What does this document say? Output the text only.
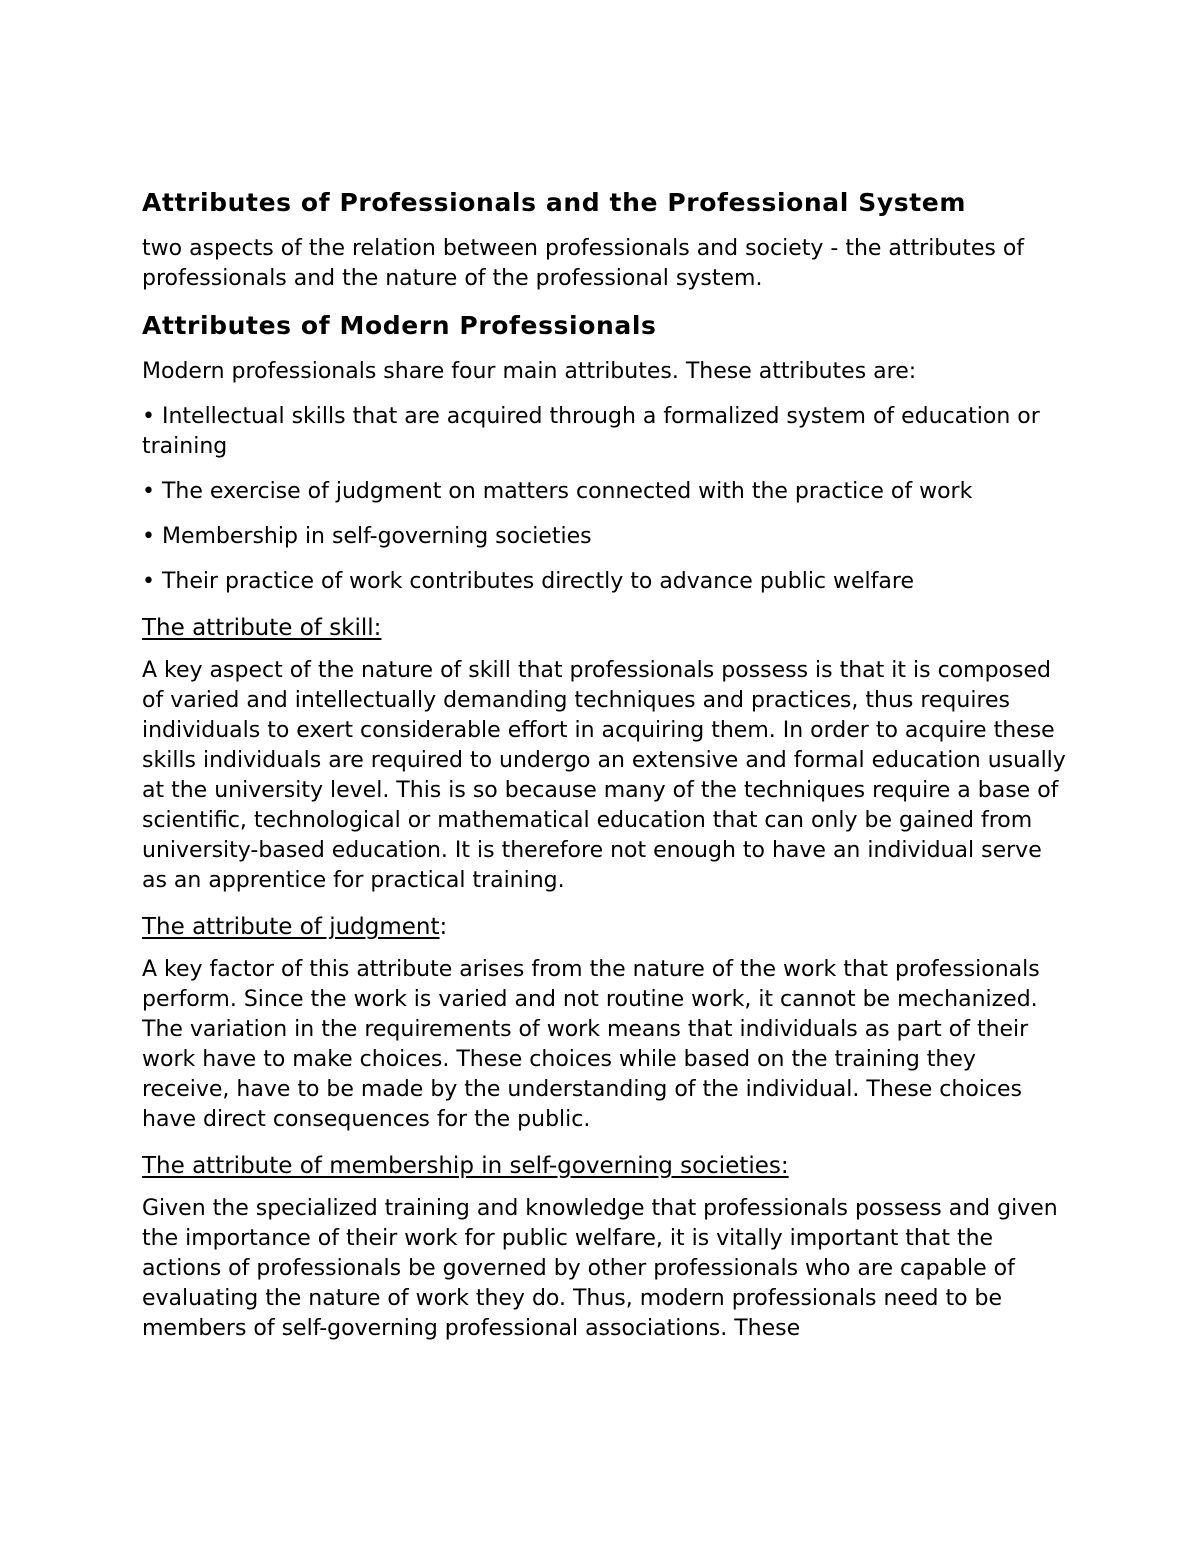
Attributes of Professionals and the Professional System

two aspects of the relation between professionals and society - the attributes of professionals and the nature of the professional system.

Attributes of Modern Professionals

Modern professionals share four main attributes. These attributes are:

• Intellectual skills that are acquired through a formalized system of education or training

• The exercise of judgment on matters connected with the practice of work

• Membership in self-governing societies

• Their practice of work contributes directly to advance public welfare

The attribute of skill:

A key aspect of the nature of skill that professionals possess is that it is composed of varied and intellectually demanding techniques and practices, thus requires individuals to exert considerable effort in acquiring them. In order to acquire these skills individuals are required to undergo an extensive and formal education usually at the university level. This is so because many of the techniques require a base of scientific, technological or mathematical education that can only be gained from university-based education. It is therefore not enough to have an individual serve as an apprentice for practical training.

The attribute of judgment:

A key factor of this attribute arises from the nature of the work that professionals perform. Since the work is varied and not routine work, it cannot be mechanized. The variation in the requirements of work means that individuals as part of their work have to make choices. These choices while based on the training they receive, have to be made by the understanding of the individual. These choices have direct consequences for the public.

The attribute of membership in self-governing societies:

Given the specialized training and knowledge that professionals possess and given the importance of their work for public welfare, it is vitally important that the actions of professionals be governed by other professionals who are capable of evaluating the nature of work they do. Thus, modern professionals need to be members of self-governing professional associations. These
